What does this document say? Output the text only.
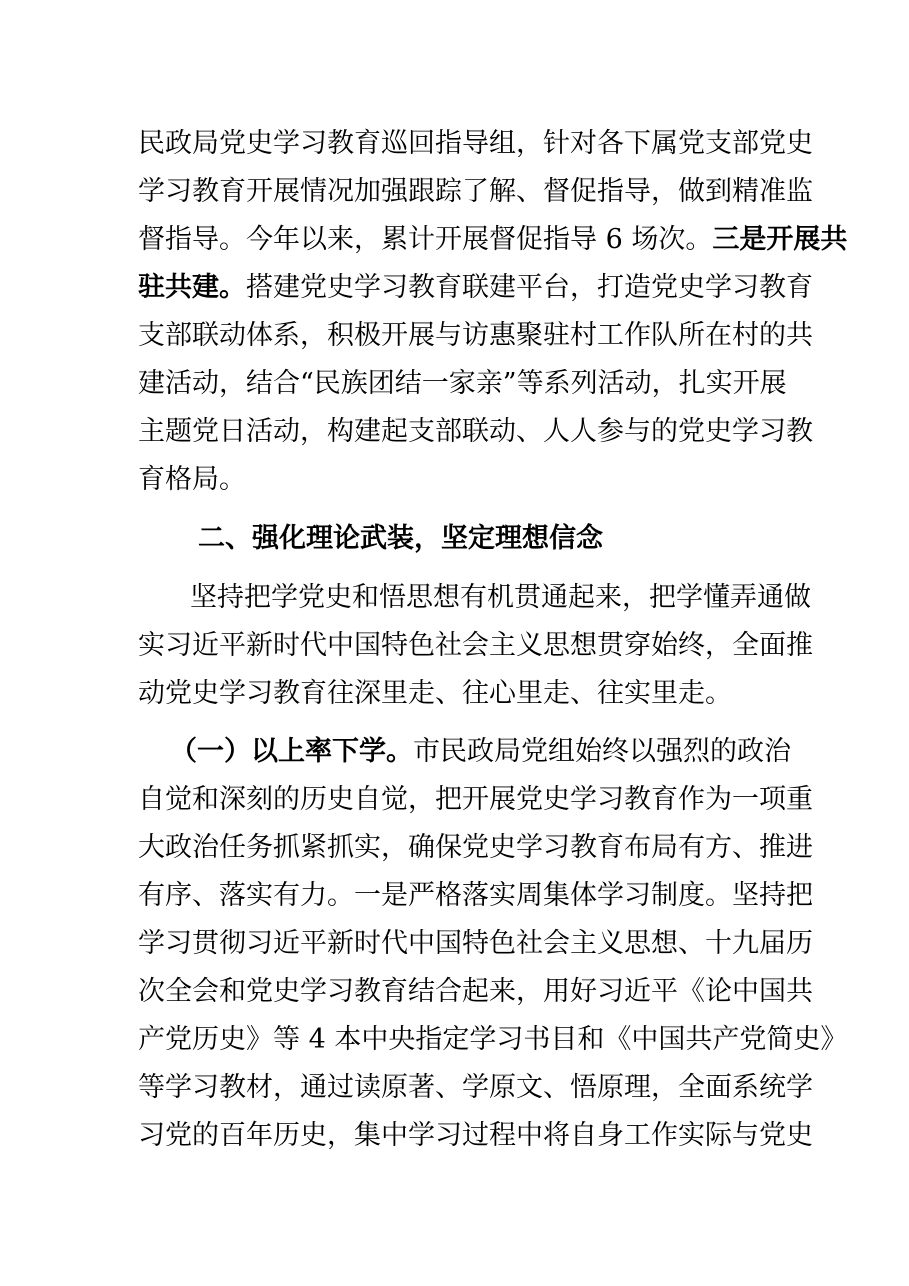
民政局党史学习教育巡回指导组，针对各下属党支部党史
学习教育开展情况加强跟踪了解、督促指导，做到精准监
督指导。今年以来，累计开展督促指导 6 场次。三是开展共
驻共建。搭建党史学习教育联建平台，打造党史学习教育
支部联动体系，积极开展与访惠聚驻村工作队所在村的共
建活动，结合“民族团结一家亲”等系列活动，扎实开展
主题党日活动，构建起支部联动、人人参与的党史学习教
育格局。
二、强化理论武装，坚定理想信念
坚持把学党史和悟思想有机贯通起来，把学懂弄通做
实习近平新时代中国特色社会主义思想贯穿始终，全面推
动党史学习教育往深里走、往心里走、往实里走。
（一）以上率下学。市民政局党组始终以强烈的政治
自觉和深刻的历史自觉，把开展党史学习教育作为一项重
大政治任务抓紧抓实，确保党史学习教育布局有方、推进
有序、落实有力。一是严格落实周集体学习制度。坚持把
学习贯彻习近平新时代中国特色社会主义思想、十九届历
次全会和党史学习教育结合起来，用好习近平《论中国共
产党历史》等 4 本中央指定学习书目和《中国共产党简史》
等学习教材，通过读原著、学原文、悟原理，全面系统学
习党的百年历史，集中学习过程中将自身工作实际与党史
